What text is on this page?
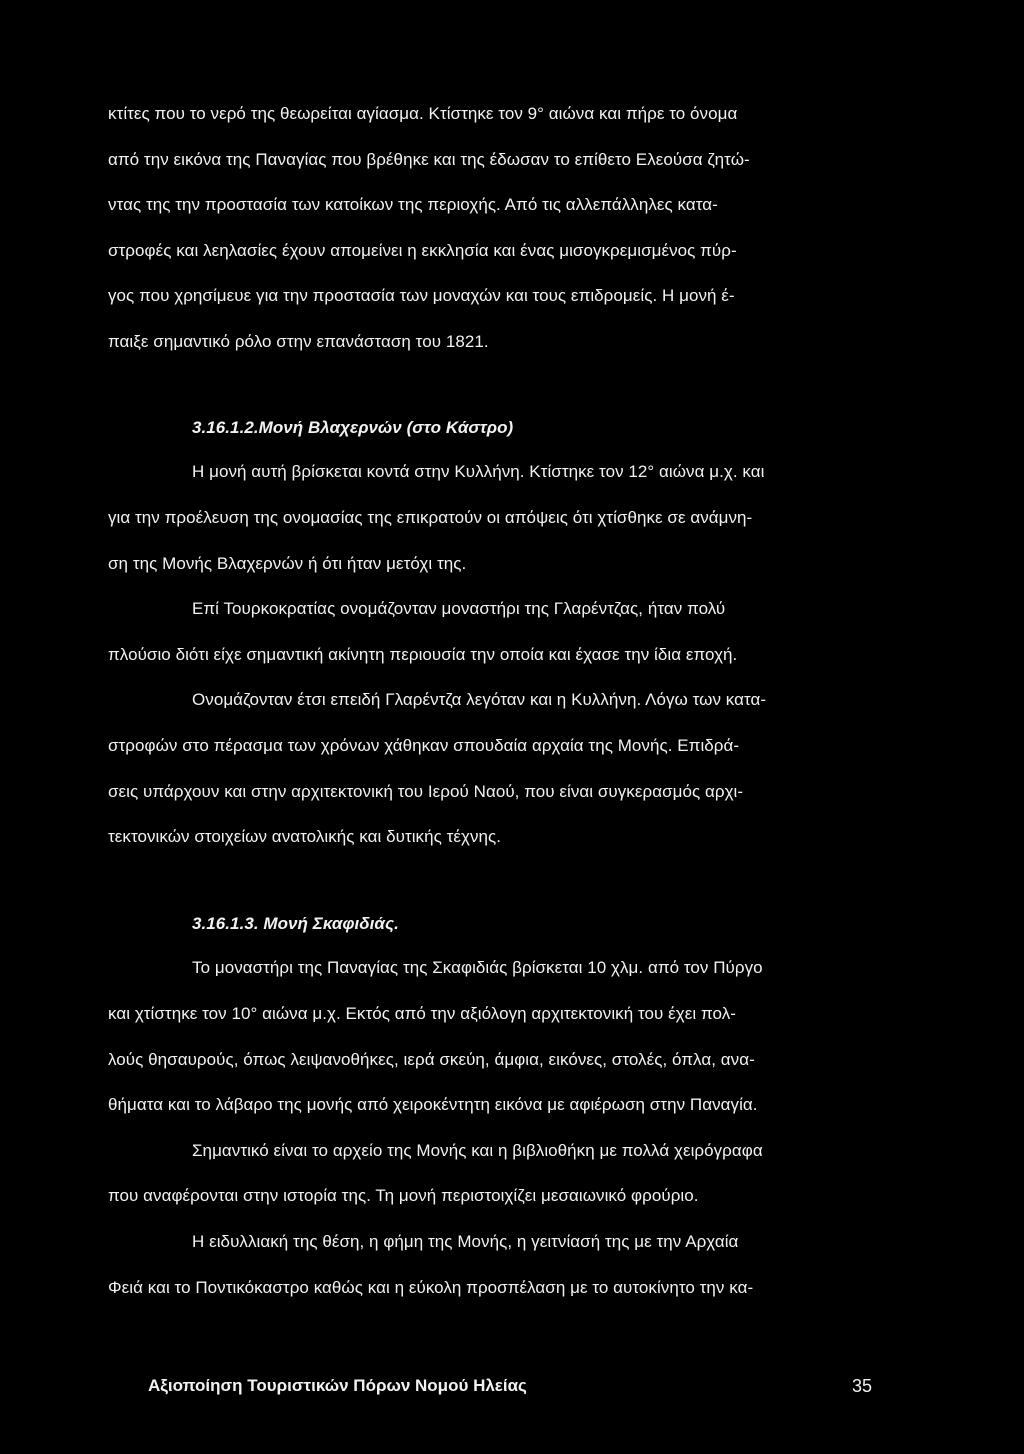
κτίτες που το νερό της θεωρείται αγίασμα. Κτίστηκε τον 9° αιώνα και πήρε το όνομα
από την εικόνα της Παναγίας που βρέθηκε και της έδωσαν το επίθετο Ελεούσα ζητώ-
ντας της την προστασία των κατοίκων της περιοχής. Από τις αλλεπάλληλες κατα-
στροφές και λεηλασίες έχουν απομείνει η εκκλησία και ένας μισογκρεμισμένος πύρ-
γος που χρησίμευε για την προστασία των μοναχών και τους επιδρομείς. Η μονή έ-
παιξε σημαντικό ρόλο στην επανάσταση του 1821.
3.16.1.2.Μονή Βλαχερνών (στο Κάστρο)
Η μονή αυτή βρίσκεται κοντά στην Κυλλήνη. Κτίστηκε τον 12° αιώνα μ.χ. και
για την προέλευση της ονομασίας της επικρατούν οι απόψεις ότι χτίσθηκε σε ανάμνη-
ση της Μονής Βλαχερνών ή ότι ήταν μετόχι της.
Επί Τουρκοκρατίας ονομάζονταν μοναστήρι της Γλαρέντζας, ήταν πολύ
πλούσιο διότι είχε σημαντική ακίνητη περιουσία την οποία και έχασε την ίδια εποχή.
Ονομάζονταν έτσι επειδή Γλαρέντζα λεγόταν και η Κυλλήνη. Λόγω των κατα-
στροφών στο πέρασμα των χρόνων χάθηκαν σπουδαία αρχαία της Μονής. Επιδρά-
σεις υπάρχουν και στην αρχιτεκτονική του Ιερού Ναού, που είναι συγκερασμός αρχι-
τεκτονικών στοιχείων ανατολικής και δυτικής τέχνης.
3.16.1.3. Μονή Σκαφιδιάς.
Το μοναστήρι της Παναγίας της Σκαφιδιάς βρίσκεται 10 χλμ. από τον Πύργο
και χτίστηκε τον 10° αιώνα μ.χ. Εκτός από την αξιόλογη αρχιτεκτονική του έχει πολ-
λούς θησαυρούς, όπως λειψανοθήκες, ιερά σκεύη, άμφια, εικόνες, στολές, όπλα, ανα-
θήματα και το λάβαρο της μονής από χειροκέντητη εικόνα με αφιέρωση στην Παναγία.
Σημαντικό είναι το αρχείο της Μονής και η βιβλιοθήκη με πολλά χειρόγραφα
που αναφέρονται στην ιστορία της. Τη μονή περιστοιχίζει μεσαιωνικό φρούριο.
Η ειδυλλιακή της θέση, η φήμη της Μονής, η γειτνίασή της με την Αρχαία
Φειά και το Ποντικόκαστρο καθώς και η εύκολη προσπέλαση με το αυτοκίνητο την κα-
Αξιοποίηση Τουριστικών Πόρων Νομού Ηλείας	35
